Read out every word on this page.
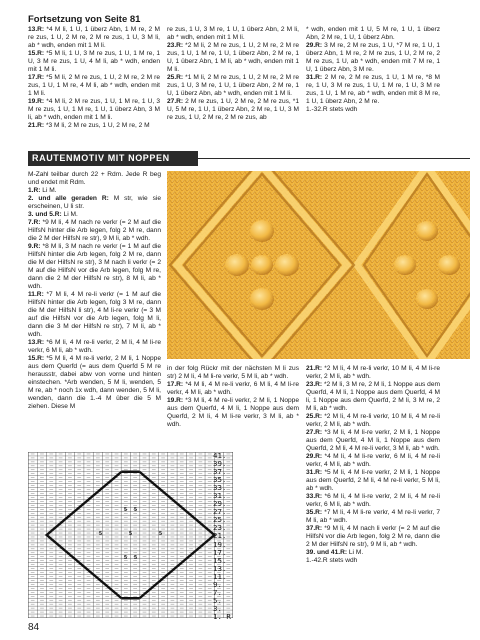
Fortsetzung von Seite 81

13.R: *4 M li, 1 U, 1 überz Abn, 1 M re, 2 M re zus, 1 U, 2 M re, 2 M re zus, 1 U, 3 M li, ab * wdh, enden mit 1 M li.

15.R: *5 M li, 1 U, 3 M re zus, 1 U, 1 M re, 1 U, 3 M re zus, 1 U, 4 M li, ab * wdh, enden mit 1 M li.

17.R: *5 M li, 2 M re zus, 1 U, 2 M re, 2 M re zus, 1 U, 1 M re, 4 M li, ab * wdh, enden mit 1 M li.

19.R: *4 M li, 2 M re zus, 1 U, 1 M re, 1 U, 3 M re zus, 1 U, 1 M re, 1 U, 1 überz Abn, 3 M li, ab * wdh, enden mit 1 M li.

21.R: *3 M li, 2 M re zus, 1 U, 2 M re, 2 M

re zus, 1 U, 3 M re, 1 U, 1 überz Abn, 2 M li, ab * wdh, enden mit 1 M li.

23.R: *2 M li, 2 M re zus, 1 U, 2 M re, 2 M re zus, 1 U, 1 M re, 1 U, 1 überz Abn, 2 M re, 1 U, 1 überz Abn, 1 M li, ab * wdh, enden mit 1 M li.

25.R: *1 M li, 2 M re zus, 1 U, 2 M re, 2 M re zus, 1 U, 3 M re, 1 U, 1 überz Abn, 2 M re, 1 U, 1 überz Abn, ab * wdh, enden mit 1 M li.

27.R: 2 M re zus, 1 U, 2 M re, 2 M re zus, *1 U, 5 M re, 1 U, 1 überz Abn, 2 M re, 1 U, 3 M re zus, 1 U, 2 M re, 2 M re zus, ab

* wdh, enden mit 1 U, 5 M re, 1 U, 1 überz Abn, 2 M re, 1 U, 1 überz Abn.

29.R: 3 M re, 2 M re zus, 1 U, *7 M re, 1 U, 1 überz Abn, 1 M re, 2 M re zus, 1 U, 2 M re, 2 M re zus, 1 U, ab * wdh, enden mit 7 M re, 1 U, 1 überz Abn, 3 M re.

31.R: 2 M re, 2 M re zus, 1 U, 1 M re, *8 M re, 1 U, 3 M re zus, 1 U, 1 M re, 1 U, 3 M re zus, 1 U, 1 M re, ab * wdh, enden mit 8 M re, 1 U, 1 überz Abn, 2 M re.

1.-32.R stets wdh

RAUTENMOTIV MIT NOPPEN

M-Zahl teilbar durch 22 + Rdm. Jede R beg und endet mit Rdm.

1.R: Li M.

2. und alle geraden R: M str, wie sie erscheinen, U li str.

3. und 5.R: Li M.

7.R: *9 M li, 4 M nach re verkr (= 2 M auf die HilfsN hinter die Arb legen, folg 2 M re, dann die 2 M der HilfsN re str), 9 M li, ab * wdh.

9.R: *8 M li, 3 M nach re verkr (= 1 M auf die HilfsN hinter die Arb legen, folg 2 M re, dann die M der HilfsN re str), 3 M nach li verkr (= 2 M auf die HilfsN vor die Arb legen, folg M re, dann die 2 M der HilfsN re str), 8 M li, ab * wdh.

11.R: *7 M li, 4 M re-li verkr (= 1 M auf die HilfsN hinter die Arb legen, folg 3 M re, dann die M der HilfsN li str), 4 M li-re verkr (= 3 M auf die HilfsN vor die Arb legen, folg M li, dann die 3 M der HilfsN re str), 7 M li, ab * wdh.

13.R: *6 M li, 4 M re-li verkr, 2 M li, 4 M li-re verkr, 6 M li, ab * wdh.

15.R: *5 M li, 4 M re-li verkr, 2 M li, 1 Noppe aus dem Querfd (= aus dem Querfd 5 M re herausstr, dabei abw von vorne und hinten einstechen. *Arb wenden, 5 M li, wenden, 5 M re, ab * noch 1x wdh, dann wenden, 5 M li, wenden, dann die 1.-4 M über die 5 M ziehen. Diese M

in der folg Rückr mit der nächsten M li zus str) 2 M li, 4 M li-re verkr, 5 M li, ab * wdh.

17.R: *4 M li, 4 M re-li verkr, 6 M li, 4 M li-re verkr, 4 M li, ab * wdh.

19.R: *3 M li, 4 M re-li verkr, 2 M li, 1 Noppe aus dem Querfd, 4 M li, 1 Noppe aus dem Querfd, 2 M li, 4 M li-re verkr, 3 M li, ab * wdh.

21.R: *2 M li, 4 M re-li verkr, 10 M li, 4 M li-re verkr, 2 M li, ab * wdh.

23.R: *2 M li, 3 M re, 2 M li, 1 Noppe aus dem Querfd, 4 M li, 1 Noppe aus dem Querfd, 4 M li, 1 Noppe aus dem Querfd, 2 M li, 3 M re, 2 M li, ab * wdh.

25.R: *2 M li, 4 M re-li verkr, 10 M li, 4 M re-li verkr, 2 M li, ab * wdh.

27.R: *3 M li, 4 M li-re verkr, 2 M li, 1 Noppe aus dem Querfd, 4 M li, 1 Noppe aus dem Querfd, 2 M li, 4 M re-li verkr, 3 M li, ab * wdh.

29.R: *4 M li, 4 M li-re verkr, 6 M li, 4 M re-li verkr, 4 M li, ab * wdh.

31.R: *5 M li, 4 M li-re verkr, 2 M li, 1 Noppe aus dem Querfd, 2 M li, 4 M re-li verkr, 5 M li, ab * wdh.

33.R: *6 M li, 4 M li-re verkr, 2 M li, 4 M re-li verkr, 6 M li, ab * wdh.

35.R: *7 M li, 4 M li-re verkr, 4 M re-li verkr, 7 M li, ab * wdh.

37.R: *9 M li, 4 M nach li verkr (= 2 M auf die HilfsN vor die Arb legen, folg 2 M re, dann die 2 M der HilfsN re str), 9 M li, ab * wdh.

39. und 41.R: Li M.

1.-42.R stets wdh

5 5
5	5
5
5 5
41.
39.
37.
35.
33.
31.
29.
27.
25.
23.
21.
19.
17.
15.
13.
11.
9.
7.
5.
3.
1. R
84
